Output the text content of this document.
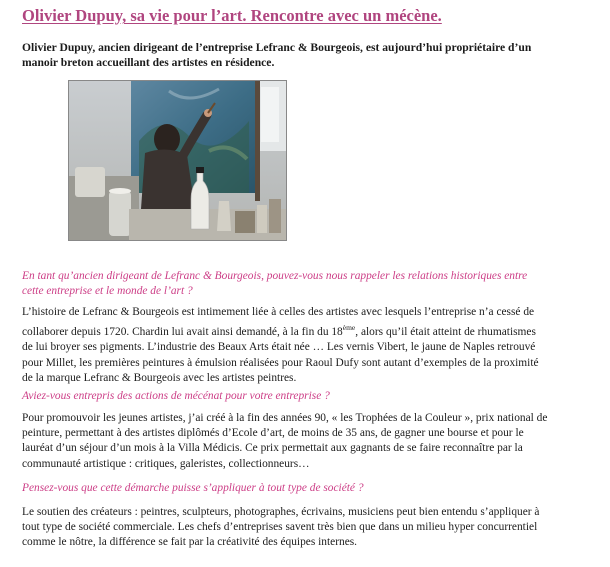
Olivier Dupuy, sa vie pour l’art. Rencontre avec un mécène.
Olivier Dupuy, ancien dirigeant de l’entreprise Lefranc & Bourgeois, est aujourd’hui propriétaire d’un
manoir breton accueillant des artistes en résidence.
En tant qu’ancien dirigeant de Lefranc & Bourgeois, pouvez-vous nous rappeler les relations historiques entre
cette entreprise et le monde de l’art ?
L’histoire de Lefranc & Bourgeois est intimement liée à celles des artistes avec lesquels l’entreprise n’a cessé de
collaborer depuis 1720. Chardin lui avait ainsi demandé, à la fin du 18ème, alors qu’il était atteint de rhumatismes
de lui broyer ses pigments. L’industrie des Beaux Arts était née … Les vernis Vibert, le jaune de Naples retrouvé
pour Millet, les premières peintures à émulsion réalisées pour Raoul Dufy sont autant d’exemples de la proximité
de la marque Lefranc & Bourgeois avec les artistes peintres.
Aviez-vous entrepris des actions de mécénat pour votre entreprise ?
Pour promouvoir les jeunes artistes, j’ai créé à la fin des années 90, « les Trophées de la Couleur », prix national de
peinture, permettant à des artistes diplômés d’Ecole d’art, de moins de 35 ans, de gagner une bourse et pour le
lauréat d’un séjour d’un mois à la Villa Médicis. Ce prix permettait aux gagnants de se faire reconnaître par la
communauté artistique : critiques, galeristes, collectionneurs…
Pensez-vous que cette démarche puisse s’appliquer à tout type de société ?
Le soutien des créateurs : peintres, sculpteurs, photographes, écrivains, musiciens peut bien entendu s’appliquer à
tout type de société commerciale. Les chefs d’entreprises savent très bien que dans un milieu hyper concurrentiel
comme le nôtre, la différence se fait par la créativité des équipes internes.
